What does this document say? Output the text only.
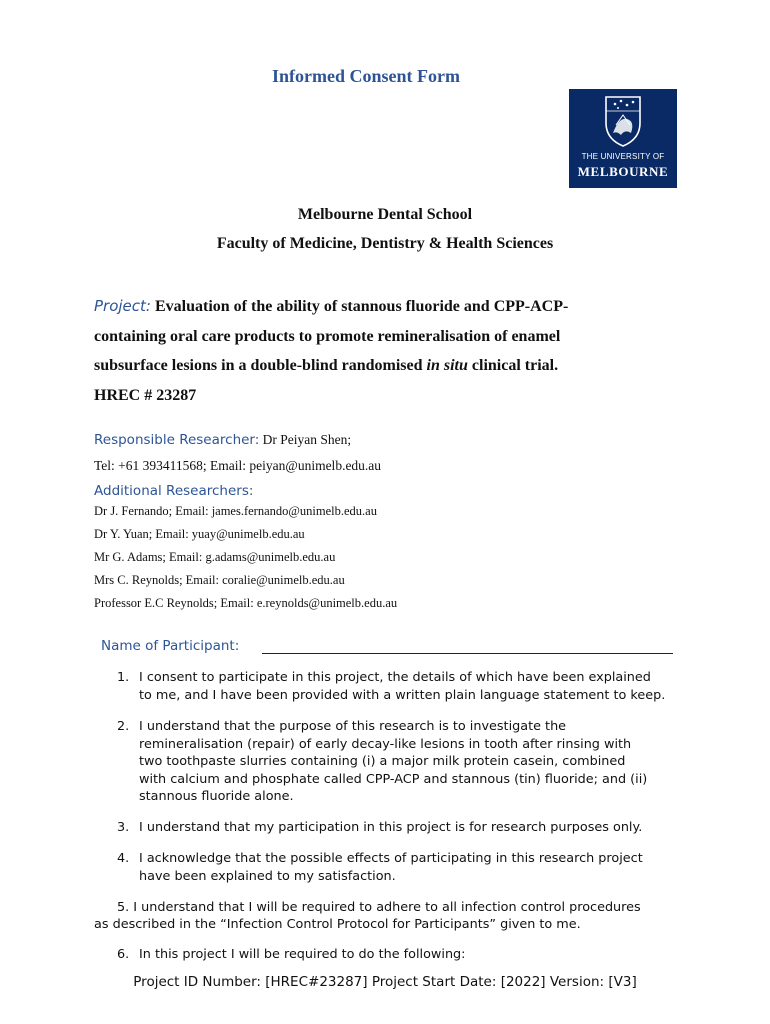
Informed Consent Form
THE UNIVERSITY OF
MELBOURNE
Melbourne Dental School
Faculty of Medicine, Dentistry & Health Sciences
Project: Evaluation of the ability of stannous fluoride and CPP-ACP-
containing oral care products to promote remineralisation of enamel
subsurface lesions in a double-blind randomised in situ clinical trial.
HREC # 23287
Responsible Researcher: Dr Peiyan Shen;
Tel: +61 393411568; Email: peiyan@unimelb.edu.au
Additional Researchers:
Dr J. Fernando; Email: james.fernando@unimelb.edu.au
Dr Y. Yuan; Email: yuay@unimelb.edu.au
Mr G. Adams; Email: g.adams@unimelb.edu.au
Mrs C. Reynolds; Email: coralie@unimelb.edu.au
Professor E.C Reynolds; Email: e.reynolds@unimelb.edu.au
Name of Participant:
1. I consent to participate in this project, the details of which have been explained
to me, and I have been provided with a written plain language statement to keep.
2. I understand that the purpose of this research is to investigate the
remineralisation (repair) of early decay-like lesions in tooth after rinsing with
two toothpaste slurries containing (i) a major milk protein casein, combined
with calcium and phosphate called CPP-ACP and stannous (tin) fluoride; and (ii)
stannous fluoride alone.
3. I understand that my participation in this project is for research purposes only.
4. I acknowledge that the possible effects of participating in this research project
have been explained to my satisfaction.
5. I understand that I will be required to adhere to all infection control procedures
as described in the “Infection Control Protocol for Participants” given to me.
6. In this project I will be required to do the following:
Project ID Number: [HREC#23287] Project Start Date: [2022] Version: [V3]
